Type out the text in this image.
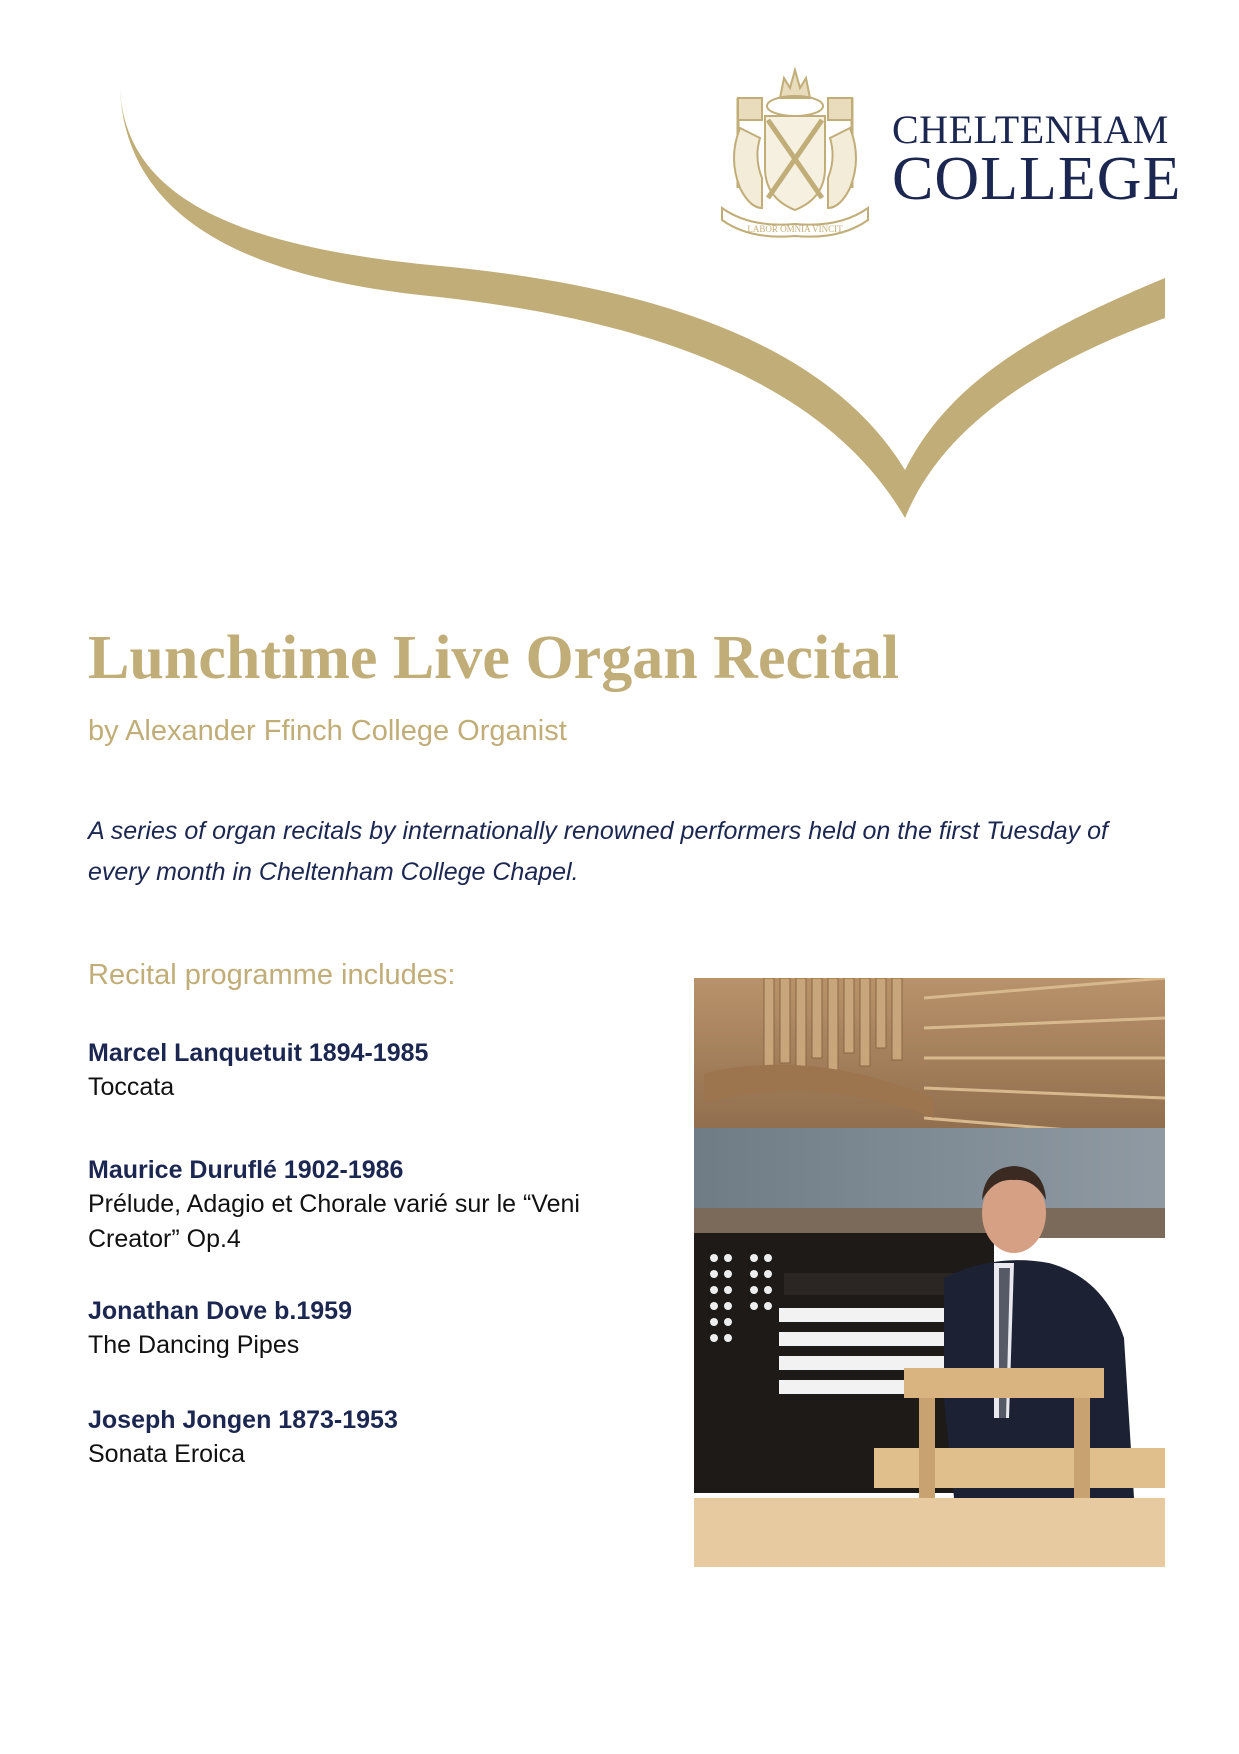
LABOR OMNIA VINCIT
CHELTENHAM
COLLEGE
Lunchtime Live Organ Recital

by Alexander Ffinch College Organist

A series of organ recitals by internationally renowned performers held on the first Tuesday of every month in Cheltenham College Chapel.

Recital programme includes:

Marcel Lanquetuit 1894-1985
Toccata
Maurice Duruflé 1902-1986
Prélude, Adagio et Chorale varié sur le “Veni Creator” Op.4
Jonathan Dove b.1959
The Dancing Pipes
Joseph Jongen 1873-1953
Sonata Eroica
